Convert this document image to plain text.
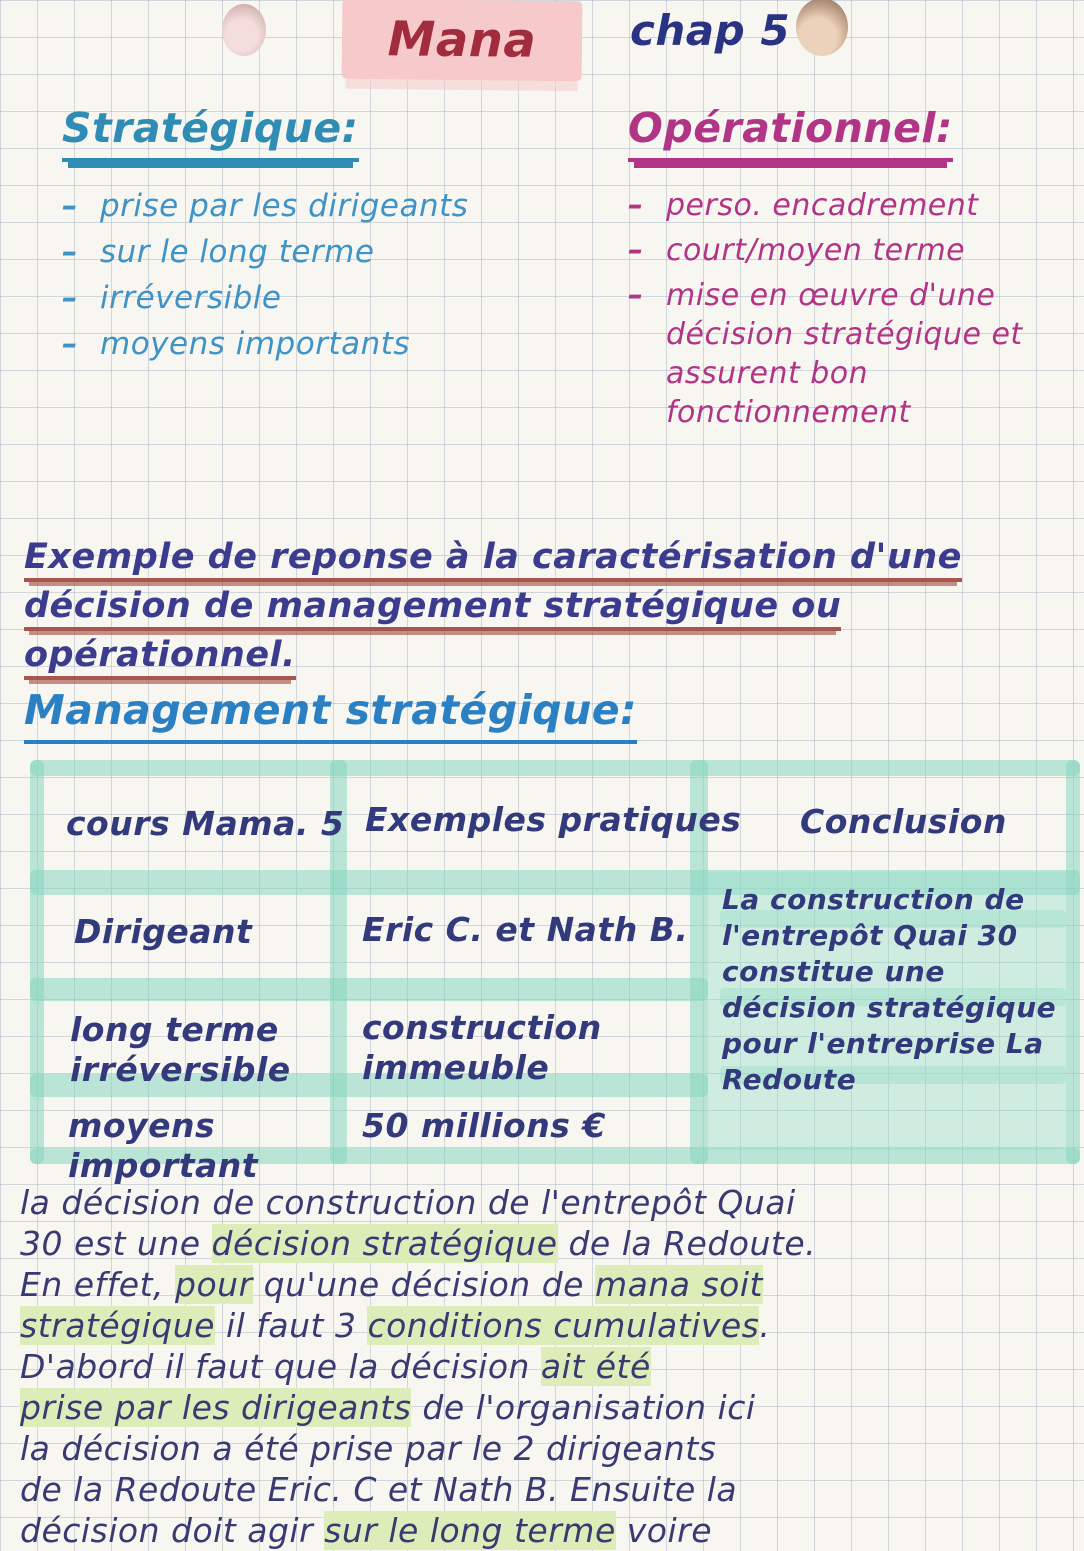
Mana	chap 5
Stratégique:
– prise par les dirigeants
– sur le long terme
– irréversible
– moyens importants
Opérationnel:
– perso. encadrement
– court/moyen terme
– mise en œuvre d'une décision stratégique et assurent bon fonctionnement
Exemple de reponse à la caractérisation d'une
décision de management stratégique ou
opérationnel.
Management stratégique:
cours Mama. 5 Exemples pratiques Conclusion
Dirigeant	Eric C. et Nath B.
long terme irréversible
construction immeuble
moyens important
50 millions €
La construction de l'entrepôt Quai 30 constitue une décision stratégique pour l'entreprise La Redoute
la décision de construction de l'entrepôt Quai
30 est une décision stratégique de la Redoute.
En effet, pour qu'une décision de mana soit
stratégique il faut 3 conditions cumulatives.
D'abord il faut que la décision ait été
prise par les dirigeants de l'organisation ici
la décision a été prise par le 2 dirigeants
de la Redoute Eric. C et Nath B. Ensuite la
décision doit agir sur le long terme voire
